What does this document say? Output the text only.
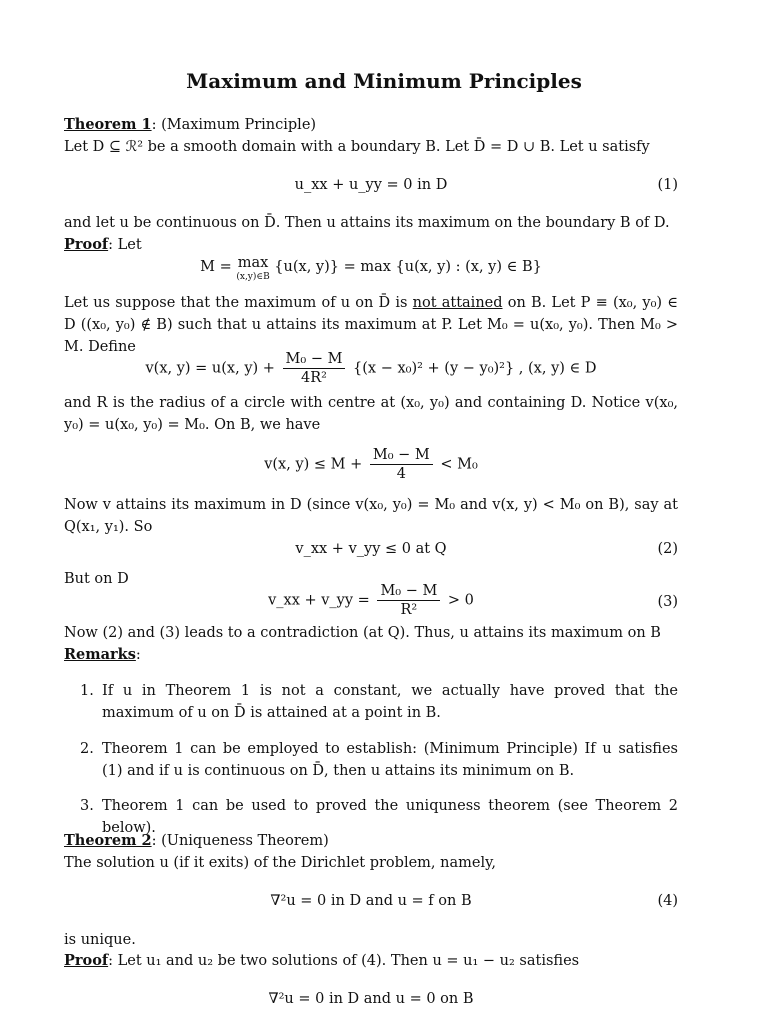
Maximum and Minimum Principles
Theorem 1: (Maximum Principle)
Let D ⊆ ℛ² be a smooth domain with a boundary B. Let D̄ = D ∪ B. Let u satisfy
u_xx + u_yy = 0 in D	(1)
and let u be continuous on D̄. Then u attains its maximum on the boundary B of D.
Proof: Let
M = max
(x,y)∈B
{u(x, y)} = max {u(x, y) : (x, y) ∈ B}
Let us suppose that the maximum of u on D̄ is not attained on B. Let P ≡ (x₀, y₀) ∈ D ((x₀, y₀) ∉ B) such that u attains its maximum at P. Let M₀ = u(x₀, y₀). Then M₀ > M. Define
v(x, y) = u(x, $y) + \frac{\text{M₀ − M}}{\text{4R²}} \{(x - x_0)^2 + (y - y_0)^2\}$ , (x, y) ∈ D
and R is the radius of a circle with centre at (x₀, y₀) and containing D. Notice v(x₀, y₀) = u(x₀, y₀) = M₀. On B, we have
v(x, $y) \le M + \frac{\text{M₀ − M}}{4} < M_0$
Now v attains its maximum in D (since v(x₀, y₀) = M₀ and v(x, y) < M₀ on B), say at Q(x₁, y₁). So
v_xx + v_yy ≤ 0 at Q	(2)
But on D
v_xx + v_yy = $\frac{\text{M₀ − M}}{\text{R²}} > 0$	(3)
Now (2) and (3) leads to a contradiction (at Q). Thus, u attains its maximum on B
Remarks:
1. If u in Theorem 1 is not a constant, we actually have proved that the maximum of u on D̄ is attained at a point in B.
2. Theorem 1 can be employed to establish: (Minimum Principle) If u satisfies (1) and if u is continuous on D̄, then u attains its minimum on B.
3. Theorem 1 can be used to proved the uniquness theorem (see Theorem 2 below).
Theorem 2: (Uniqueness Theorem)
The solution u (if it exits) of the Dirichlet problem, namely,
∇²u = 0 in D and u = f on B	(4)
is unique.
Proof: Let u₁ and u₂ be two solutions of (4). Then u = u₁ − u₂ satisfies
∇²u = 0 in D and u = 0 on B
